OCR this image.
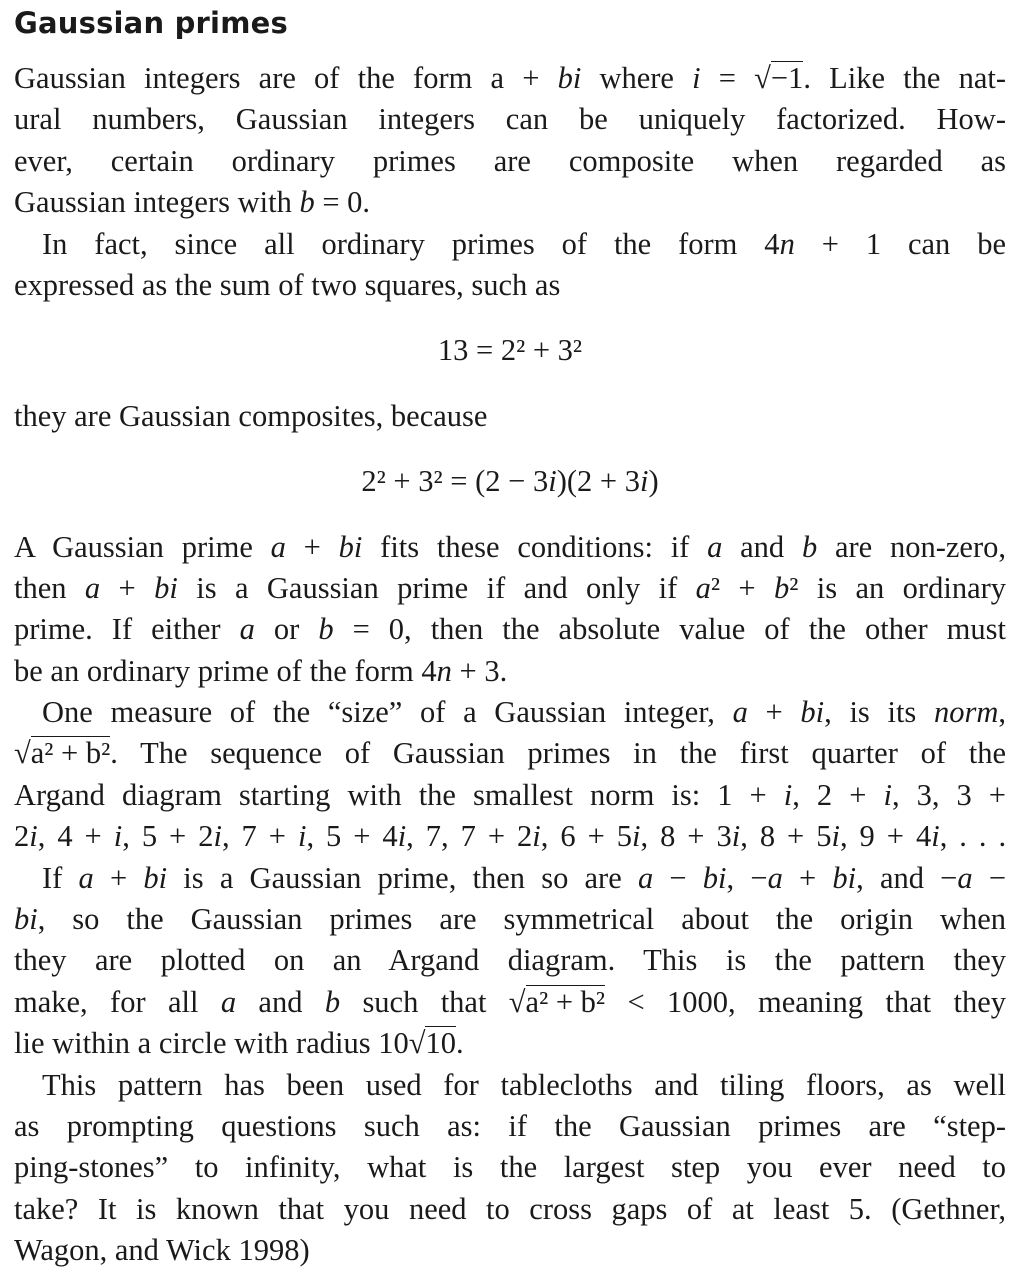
Gaussian primes
Gaussian integers are of the form a + bi where i = √−1. Like the nat-
ural numbers, Gaussian integers can be uniquely factorized. How-
ever, certain ordinary primes are composite when regarded as
Gaussian integers with b = 0.
In fact, since all ordinary primes of the form 4n + 1 can be
expressed as the sum of two squares, such as
13 = 2² + 3²
they are Gaussian composites, because
2² + 3² = (2 − 3i)(2 + 3i)
A Gaussian prime a + bi fits these conditions: if a and b are non-zero,
then a + bi is a Gaussian prime if and only if a² + b² is an ordinary
prime. If either a or b = 0, then the absolute value of the other must
be an ordinary prime of the form 4n + 3.
One measure of the “size” of a Gaussian integer, a + bi, is its norm,
√a² + b². The sequence of Gaussian primes in the first quarter of the
Argand diagram starting with the smallest norm is: 1 + i, 2 + i, 3, 3 +
2i, 4 + i, 5 + 2i, 7 + i, 5 + 4i, 7, 7 + 2i, 6 + 5i, 8 + 3i, 8 + 5i, 9 + 4i, . . .
If a + bi is a Gaussian prime, then so are a − bi, −a + bi, and −a −
bi, so the Gaussian primes are symmetrical about the origin when
they are plotted on an Argand diagram. This is the pattern they
make, for all a and b such that √a² + b² < 1000, meaning that they
lie within a circle with radius 10√10.
This pattern has been used for tablecloths and tiling floors, as well
as prompting questions such as: if the Gaussian primes are “step-
ping-stones” to infinity, what is the largest step you ever need to
take? It is known that you need to cross gaps of at least 5. (Gethner,
Wagon, and Wick 1998)
